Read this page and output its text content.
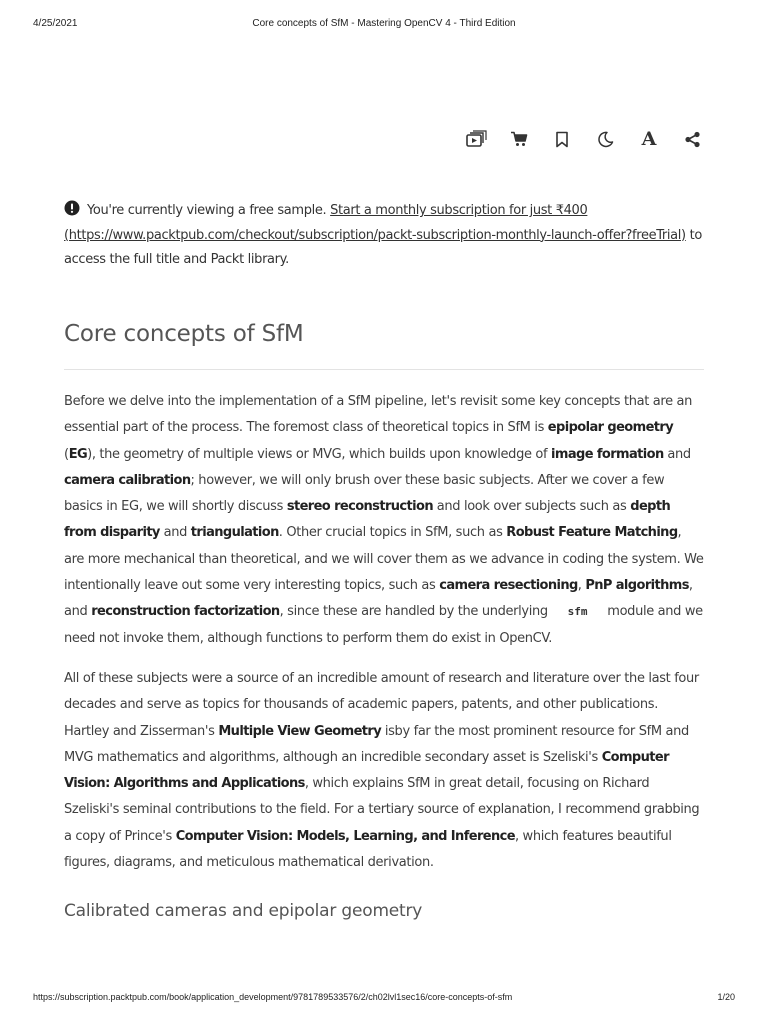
4/25/2021	Core concepts of SfM - Mastering OpenCV 4 - Third Edition
A
You're currently viewing a free sample. Start a monthly subscription for just ₹400 (https://www.packtpub.com/checkout/subscription/packt-subscription-monthly-launch-offer?freeTrial) to access the full title and Packt library.
Core concepts of SfM

Before we delve into the implementation of a SfM pipeline, let's revisit some key concepts that are an essential part of the process. The foremost class of theoretical topics in SfM is epipolar geometry (EG), the geometry of multiple views or MVG, which builds upon knowledge of image formation and camera calibration; however, we will only brush over these basic subjects. After we cover a few basics in EG, we will shortly discuss stereo reconstruction and look over subjects such as depth from disparity and triangulation. Other crucial topics in SfM, such as Robust Feature Matching, are more mechanical than theoretical, and we will cover them as we advance in coding the system. We intentionally leave out some very interesting topics, such as camera resectioning, PnP algorithms, and reconstruction factorization, since these are handled by the underlying sfm module and we need not invoke them, although functions to perform them do exist in OpenCV.

All of these subjects were a source of an incredible amount of research and literature over the last four decades and serve as topics for thousands of academic papers, patents, and other publications. Hartley and Zisserman's Multiple View Geometry isby far the most prominent resource for SfM and MVG mathematics and algorithms, although an incredible secondary asset is Szeliski's Computer Vision: Algorithms and Applications, which explains SfM in great detail, focusing on Richard Szeliski's seminal contributions to the field. For a tertiary source of explanation, I recommend grabbing a copy of Prince's Computer Vision: Models, Learning, and Inference, which features beautiful figures, diagrams, and meticulous mathematical derivation.

Calibrated cameras and epipolar geometry
https://subscription.packtpub.com/book/application_development/9781789533576/2/ch02lvl1sec16/core-concepts-of-sfm	1/20
